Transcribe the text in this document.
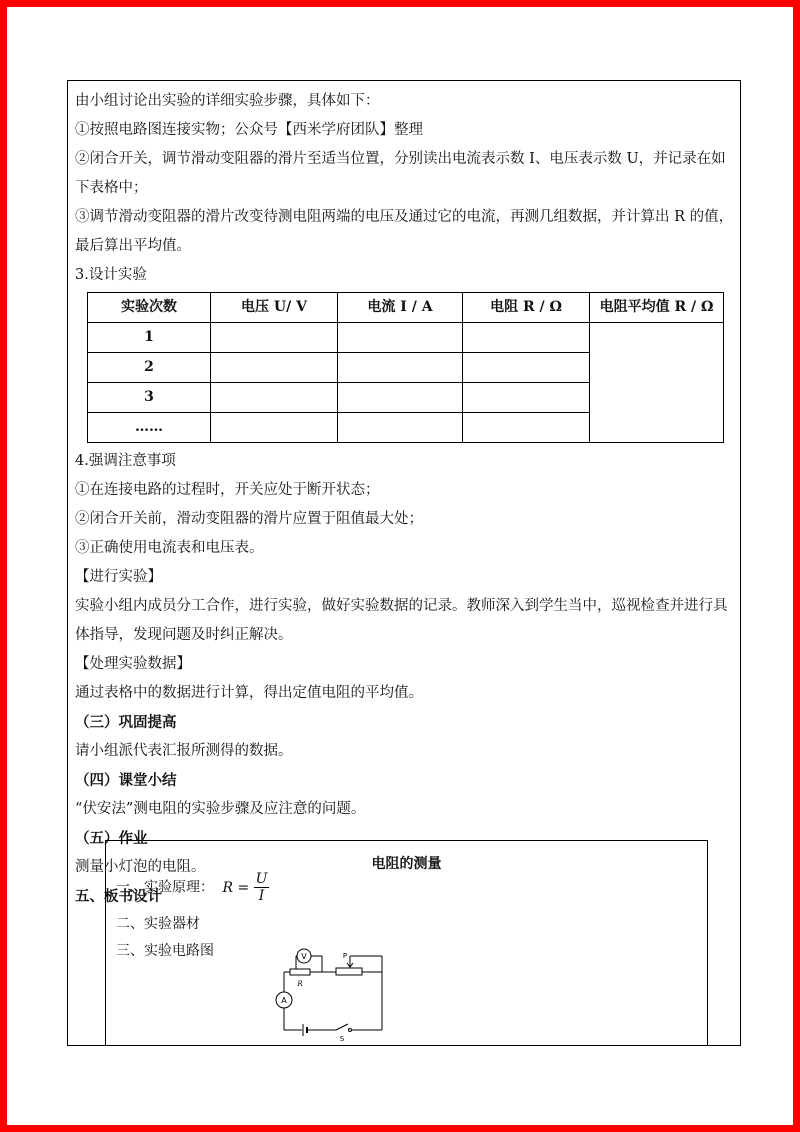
由小组讨论出实验的详细实验步骤，具体如下：
①按照电路图连接实物；公众号【西米学府团队】整理
②闭合开关，调节滑动变阻器的滑片至适当位置，分别读出电流表示数 I、电压表示数 U，并记录在如下表格中；
③调节滑动变阻器的滑片改变待测电阻两端的电压及通过它的电流，再测几组数据，并计算出 R 的值，最后算出平均值。
3.设计实验
实验次数	电压 U/ V	电流 I / A	电阻 R / Ω	电阻平均值 R / Ω
1				
2				
3				
……				
4.强调注意事项
①在连接电路的过程时，开关应处于断开状态；
②闭合开关前，滑动变阻器的滑片应置于阻值最大处；
③正确使用电流表和电压表。
【进行实验】
实验小组内成员分工合作，进行实验，做好实验数据的记录。教师深入到学生当中，巡视检查并进行具体指导，发现问题及时纠正解决。
【处理实验数据】
通过表格中的数据进行计算，得出定值电阻的平均值。
（三）巩固提高
请小组派代表汇报所测得的数据。
（四）课堂小结
“伏安法”测电阻的实验步骤及应注意的问题。
（五）作业
测量小灯泡的电阻。
五、板书设计
电阻的测量
一、实验原理： $R = \frac{U}{I}$
二、实验器材
三、实验电路图	V
R
P
A
S
